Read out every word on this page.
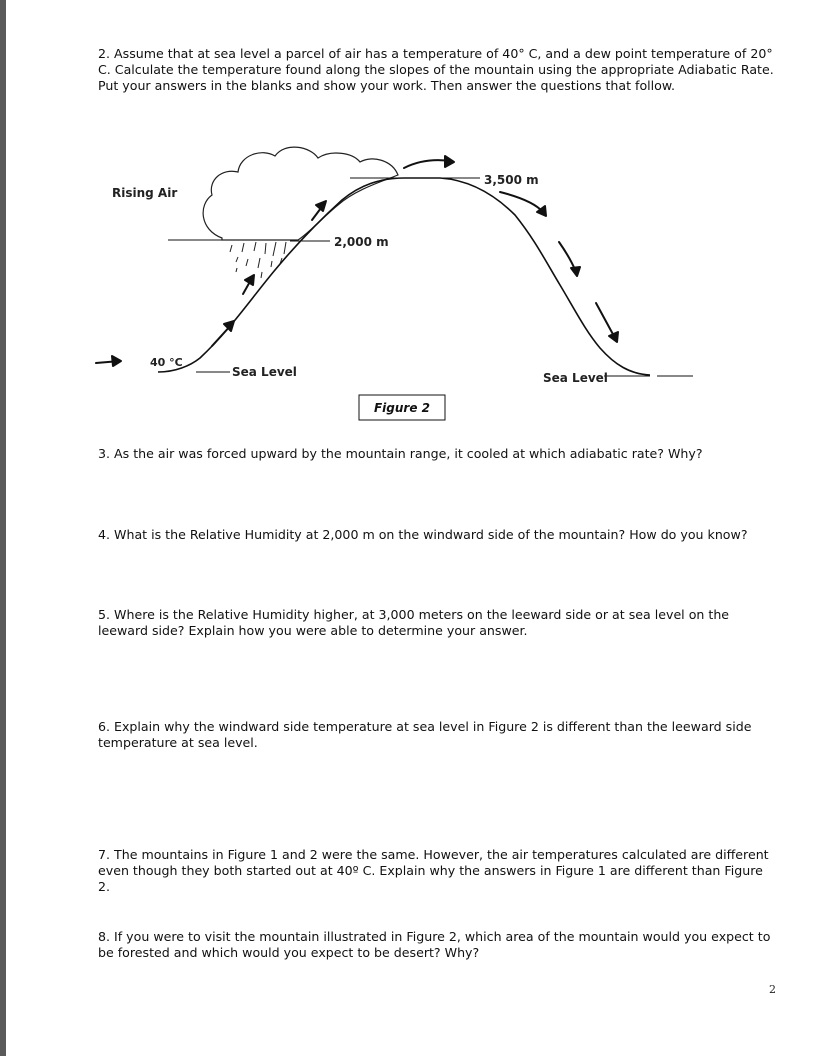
2. Assume that at sea level a parcel of air has a temperature of 40° C, and a dew point temperature of 20° C. Calculate the temperature found along the slopes of the mountain using the appropriate Adiabatic Rate. Put your answers in the blanks and show your work. Then answer the questions that follow.

Rising Air
3,500 m
2,000 m
40 °C
Sea Level	Sea Level
Figure 2

3. As the air was forced upward by the mountain range, it cooled at which adiabatic rate? Why?

4. What is the Relative Humidity at 2,000 m on the windward side of the mountain? How do you know?

5. Where is the Relative Humidity higher, at 3,000 meters on the leeward side or at sea level on the leeward side? Explain how you were able to determine your answer.

6. Explain why the windward side temperature at sea level in Figure 2 is different than the leeward side temperature at sea level.

7. The mountains in Figure 1 and 2 were the same. However, the air temperatures calculated are different even though they both started out at 40º C. Explain why the answers in Figure 1 are different than Figure 2.

8. If you were to visit the mountain illustrated in Figure 2, which area of the mountain would you expect to be forested and which would you expect to be desert? Why?

2
